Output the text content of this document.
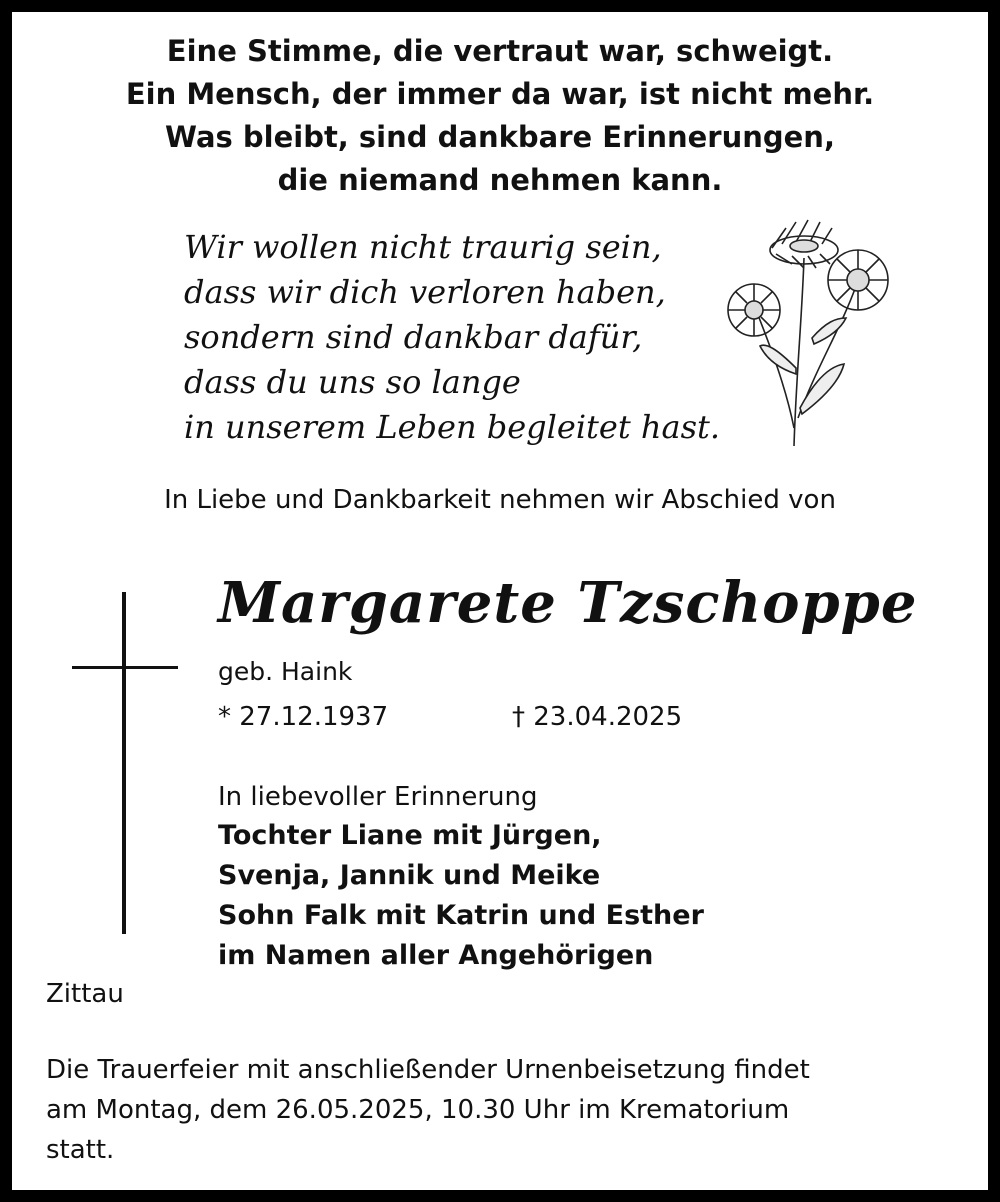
Eine Stimme, die vertraut war, schweigt.
Ein Mensch, der immer da war, ist nicht mehr.
Was bleibt, sind dankbare Erinnerungen,
die niemand nehmen kann.
Wir wollen nicht traurig sein,
dass wir dich verloren haben,
sondern sind dankbar dafür,
dass du uns so lange
in unserem Leben begleitet hast.
In Liebe und Dankbarkeit nehmen wir Abschied von
Margarete Tzschoppe
geb. Haink
* 27.12.1937	† 23.04.2025
In liebevoller Erinnerung
Tochter Liane mit Jürgen,
Svenja, Jannik und Meike
Sohn Falk mit Katrin und Esther
im Namen aller Angehörigen
Zittau
Die Trauerfeier mit anschließender Urnenbeisetzung findet
am Montag, dem 26.05.2025, 10.30 Uhr im Krematorium
statt.
